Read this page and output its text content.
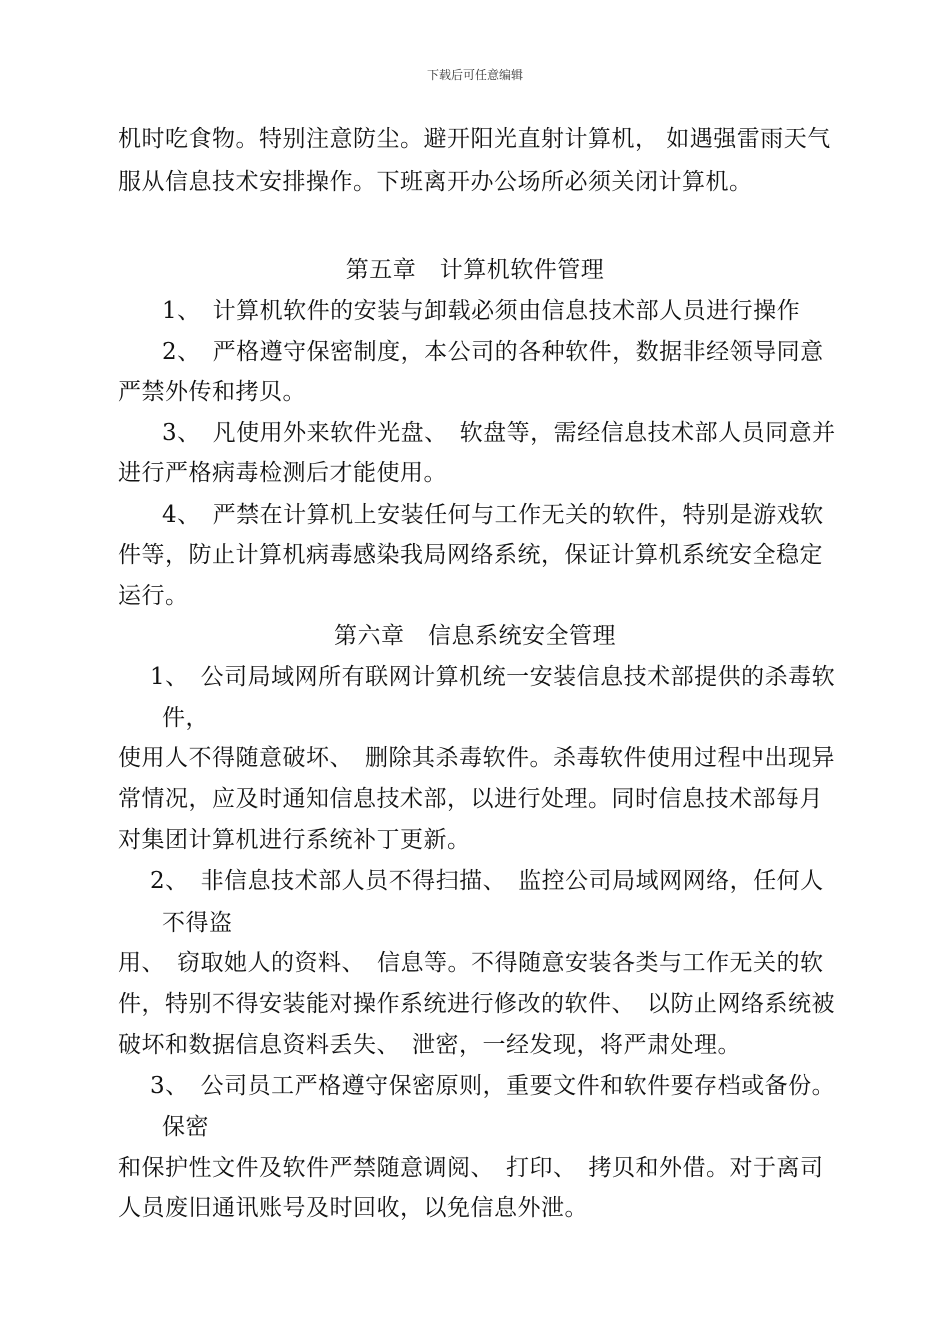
下载后可任意编辑
机时吃食物。特别注意防尘。避开阳光直射计算机， 如遇强雷雨天气
服从信息技术安排操作。下班离开办公场所必须关闭计算机。
第五章　计算机软件管理
1、　计算机软件的安装与卸载必须由信息技术部人员进行操作
2、　严格遵守保密制度，本公司的各种软件，数据非经领导同意
严禁外传和拷贝。
3、　凡使用外来软件光盘、　软盘等，需经信息技术部人员同意并
进行严格病毒检测后才能使用。
4、　严禁在计算机上安装任何与工作无关的软件，特别是游戏软
件等，防止计算机病毒感染我局网络系统，保证计算机系统安全稳定
运行。
第六章　信息系统安全管理
1、　公司局域网所有联网计算机统一安装信息技术部提供的杀毒软
件，
使用人不得随意破坏、　删除其杀毒软件。杀毒软件使用过程中出现异
常情况，应及时通知信息技术部，以进行处理。同时信息技术部每月
对集团计算机进行系统补丁更新。
2、　非信息技术部人员不得扫描、　监控公司局域网网络，任何人
不得盗
用、　窃取她人的资料、　信息等。不得随意安装各类与工作无关的软
件，特别不得安装能对操作系统进行修改的软件、　以防止网络系统被
破坏和数据信息资料丢失、　泄密，一经发现，将严肃处理。
3、　公司员工严格遵守保密原则，重要文件和软件要存档或备份。
保密
和保护性文件及软件严禁随意调阅、　打印、　拷贝和外借。对于离司
人员废旧通讯账号及时回收，以免信息外泄。
